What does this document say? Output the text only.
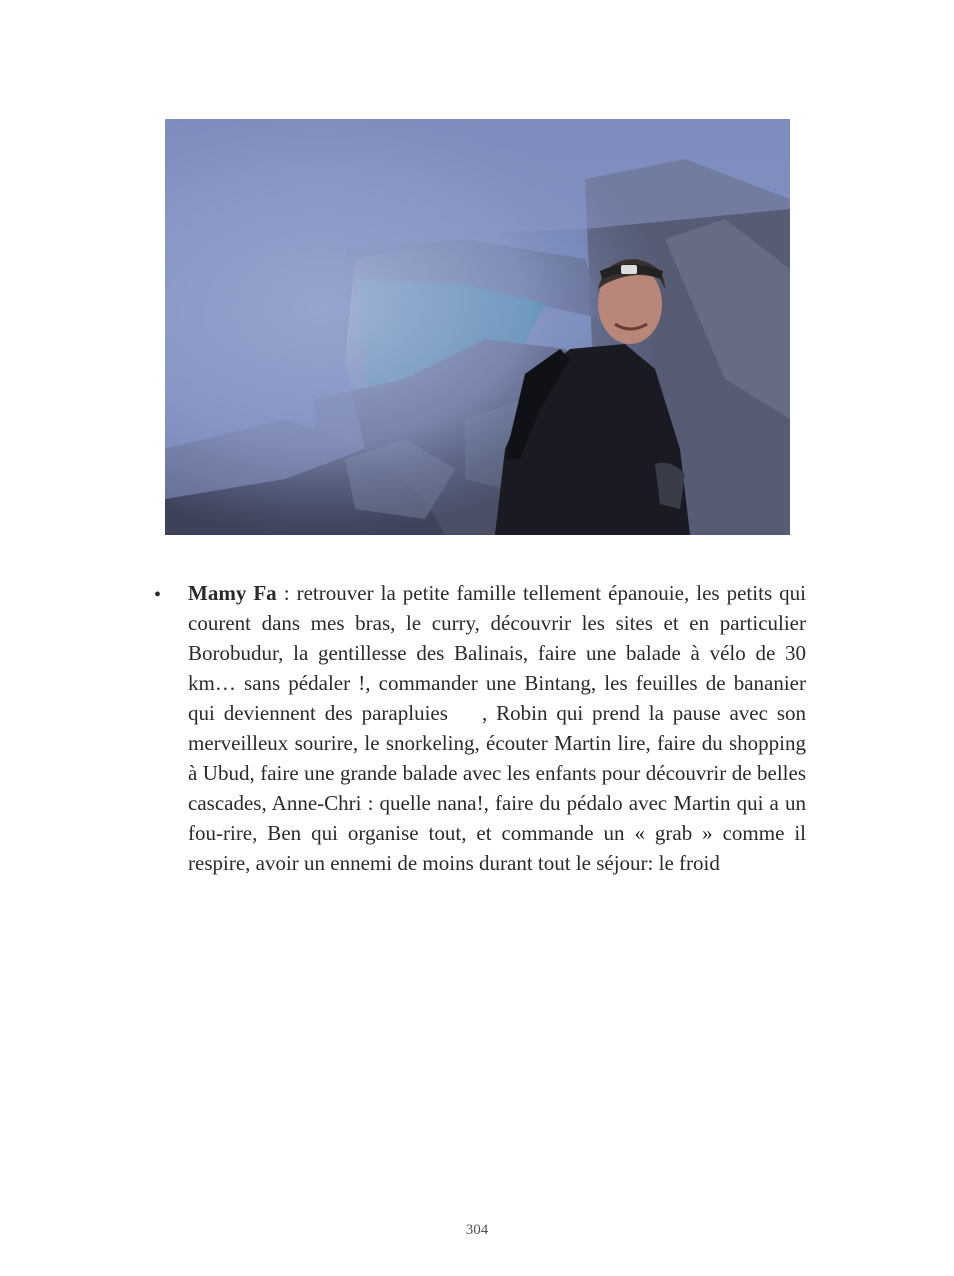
• Mamy Fa : retrouver la petite famille tellement épanouie, les petits qui courent dans mes bras, le curry, découvrir les sites et en particulier Borobudur, la gentillesse des Balinais, faire une balade à vélo de 30 km… sans pédaler !, commander une Bintang, les feuilles de bananier qui deviennent des parapluies , Robin qui prend la pause avec son merveilleux sourire, le snorkeling, écouter Martin lire, faire du shopping à Ubud, faire une grande balade avec les enfants pour découvrir de belles cascades, Anne-Chri : quelle nana!, faire du pédalo avec Martin qui a un fou-rire, Ben qui organise tout, et commande un « grab » comme il respire, avoir un ennemi de moins durant tout le séjour: le froid

304
